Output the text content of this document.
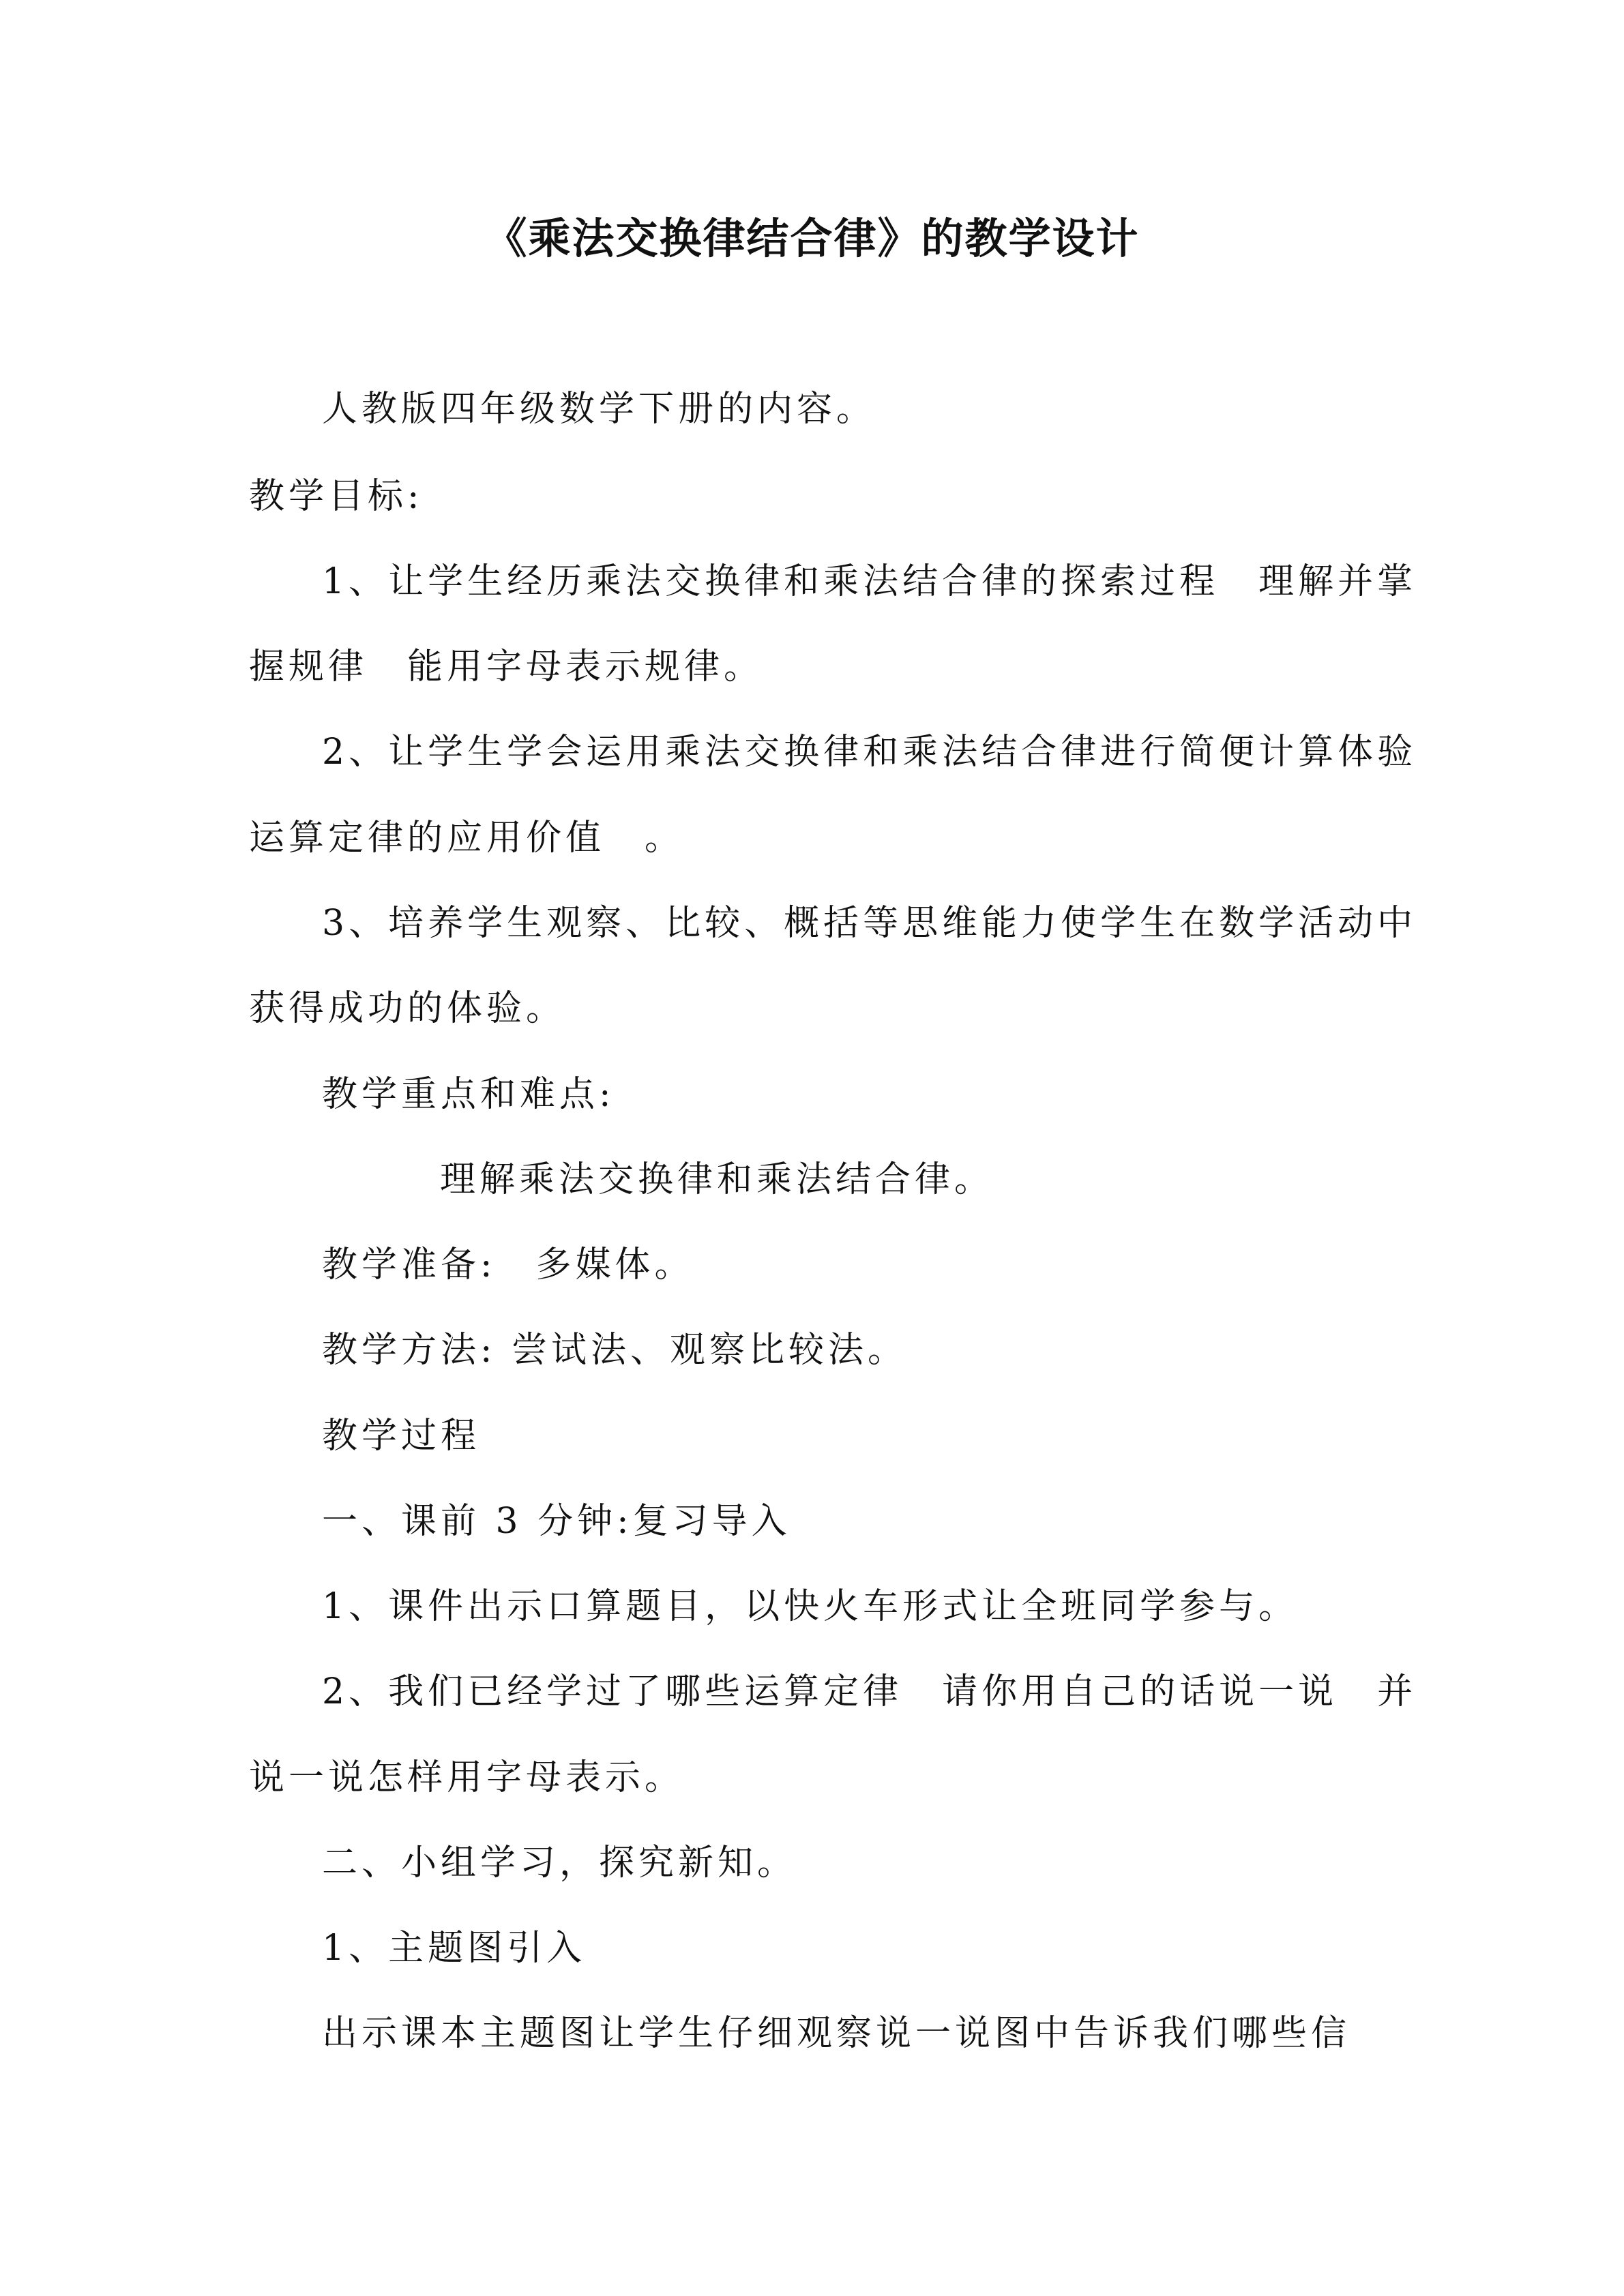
《乘法交换律结合律》的教学设计
人教版四年级数学下册的内容。
教学目标:
1、让学生经历乘法交换律和乘法结合律的探索过程　理解并掌
握规律　能用字母表示规律。
2、让学生学会运用乘法交换律和乘法结合律进行简便计算体验
运算定律的应用价值　。
3、培养学生观察、比较、概括等思维能力使学生在数学活动中
获得成功的体验。
教学重点和难点:
理解乘法交换律和乘法结合律。
教学准备:　多媒体。
教学方法: 尝试法、观察比较法。
教学过程
一、课前 3 分钟:复习导入
1、课件出示口算题目，以快火车形式让全班同学参与。
2、我们已经学过了哪些运算定律　请你用自己的话说一说　并
说一说怎样用字母表示。
二、小组学习，探究新知。
1、主题图引入
出示课本主题图让学生仔细观察说一说图中告诉我们哪些信
